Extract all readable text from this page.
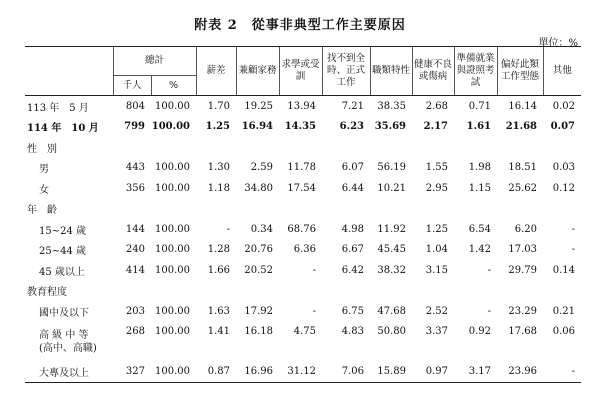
附表 2　從事非典型工作主要原因
單位：%
	總計		薪差	兼顧家務	求學或受訓	找不到全時、正式工作	職類特性	健康不良或傷病	準備就業與證照考試	偏好此類工作型態	其他
	千人	%									
113 年　5 月	804	100.00	1.70	19.25	13.94	7.21	38.35	2.68	0.71	16.14	0.02
114 年　10 月	799	100.00	1.25	16.94	14.35	6.23	35.69	2.17	1.61	21.68	0.07
性　別											
男	443	100.00	1.30	2.59	11.78	6.07	56.19	1.55	1.98	18.51	0.03
女	356	100.00	1.18	34.80	17.54	6.44	10.21	2.95	1.15	25.62	0.12
年　齡											
15~24 歲	144	100.00	-	0.34	68.76	4.98	11.92	1.25	6.54	6.20	-
25~44 歲	240	100.00	1.28	20.76	6.36	6.67	45.45	1.04	1.42	17.03	-
45 歲以上	414	100.00	1.66	20.52	-	6.42	38.32	3.15	-	29.79	0.14
教育程度											
國中及以下	203	100.00	1.63	17.92	-	6.75	47.68	2.52	-	23.29	0.21

高 級 中 等
(高中、高職)	268	100.00	1.41	16.18	4.75	4.83	50.80	3.37	0.92	17.68	0.06
大專及以上	327	100.00	0.87	16.96	31.12	7.06	15.89	0.97	3.17	23.96	-
